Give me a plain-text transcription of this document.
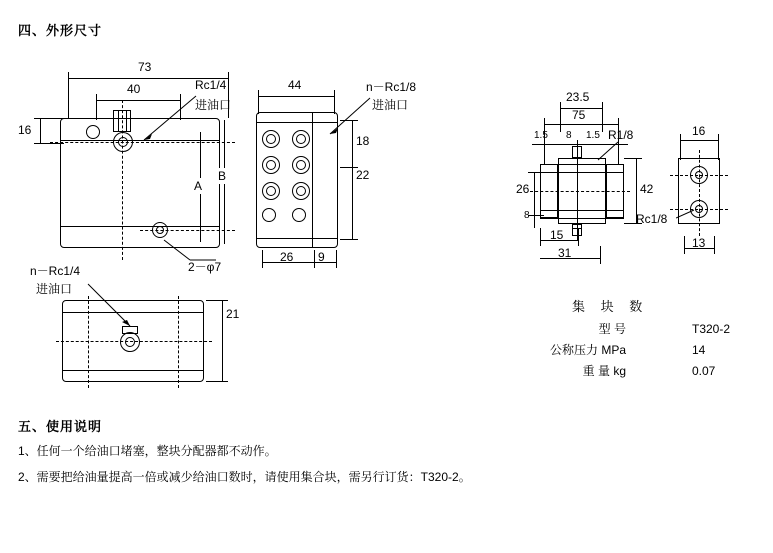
四、外形尺寸
73
40
16
Rc1/4
进油口
A
B
2－φ7
44	n－Rc1/8
进油口
18
22
26 9
n－Rc1/4
进油口
21
23.5
75
1.5 8 1.5 R1/8
26	42
8
15
31
16
13
Rc1/8
集 块 数
型 号	T320-2
公称压力 MPa	14
重 量 kg	0.07
五、使用说明
1、任何一个给油口堵塞，整块分配器都不动作。
2、需要把给油量提高一倍或减少给油口数时，请使用集合块，需另行订货：T320-2。
